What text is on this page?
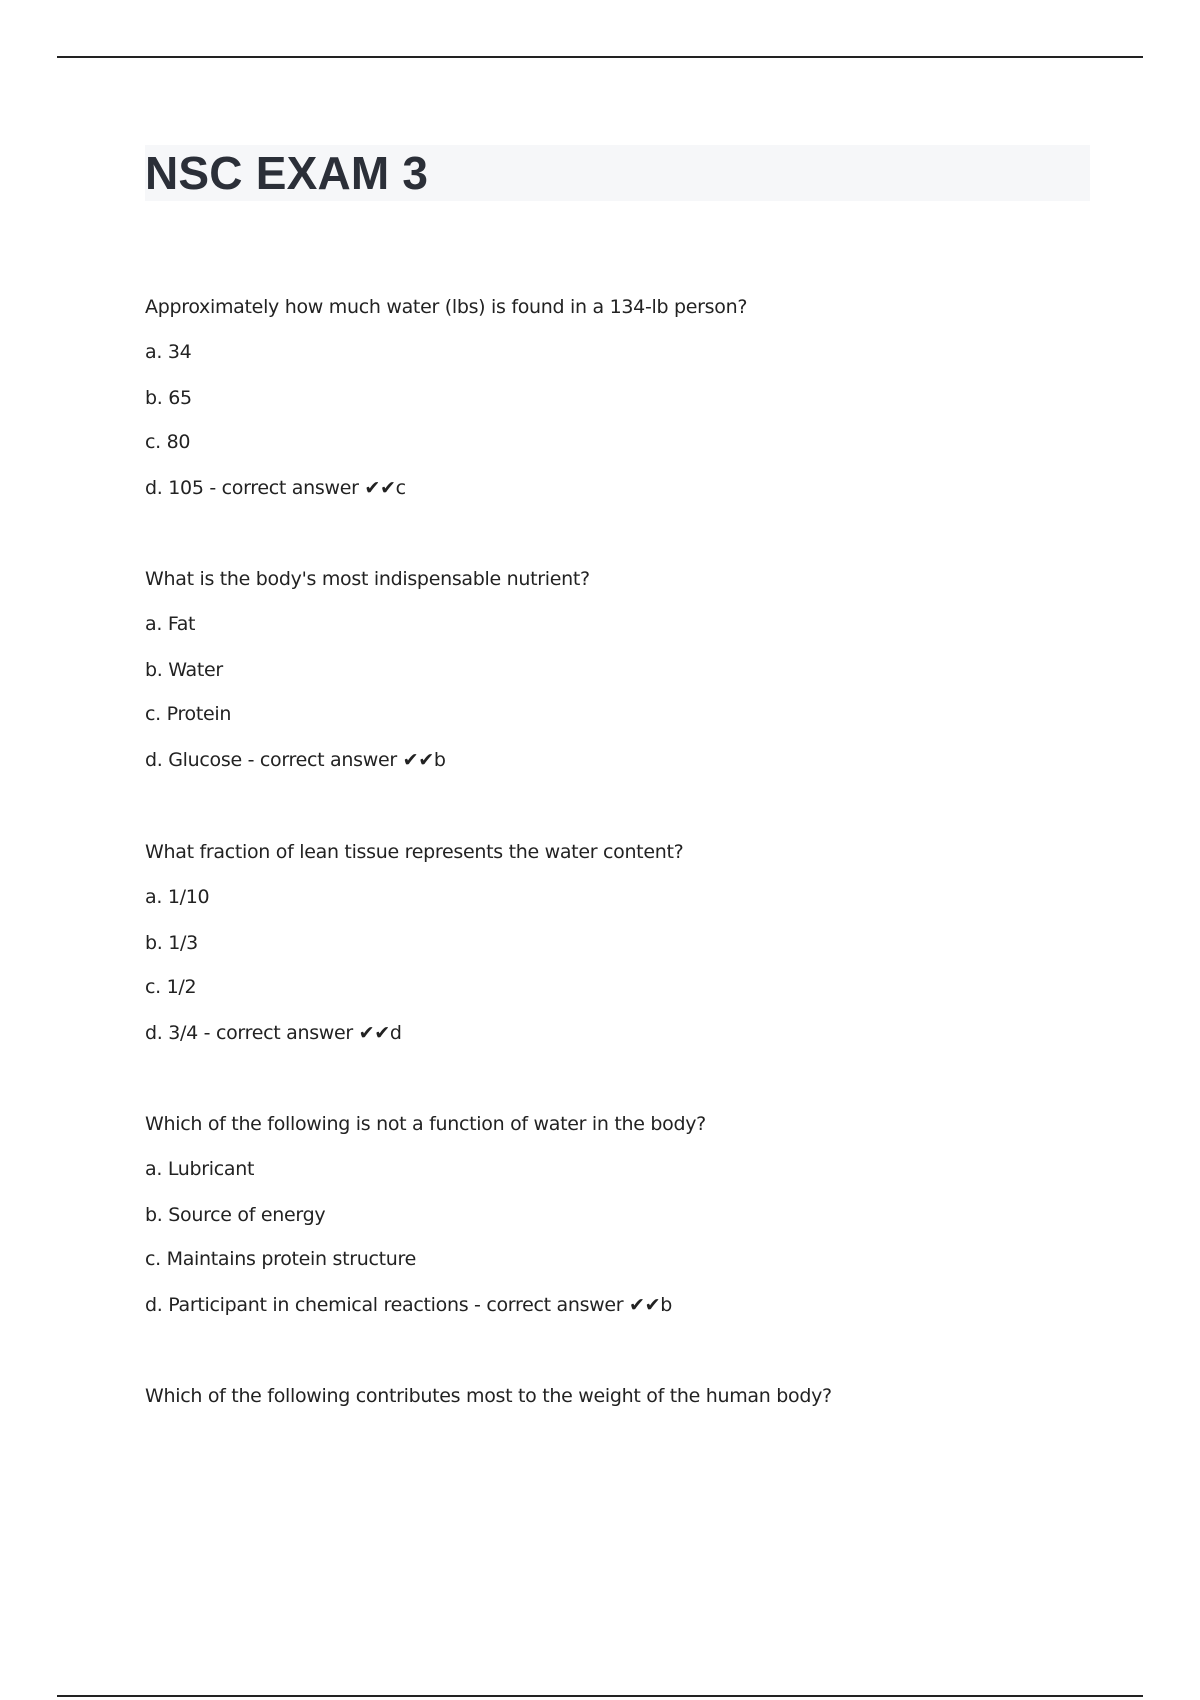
NSC EXAM 3
Approximately how much water (lbs) is found in a 134-lb person?
a. 34
b. 65
c. 80
d. 105 - correct answer ✔✔c
What is the body's most indispensable nutrient?
a. Fat
b. Water
c. Protein
d. Glucose - correct answer ✔✔b
What fraction of lean tissue represents the water content?
a. 1/10
b. 1/3
c. 1/2
d. 3/4 - correct answer ✔✔d
Which of the following is not a function of water in the body?
a. Lubricant
b. Source of energy
c. Maintains protein structure
d. Participant in chemical reactions - correct answer ✔✔b
Which of the following contributes most to the weight of the human body?
